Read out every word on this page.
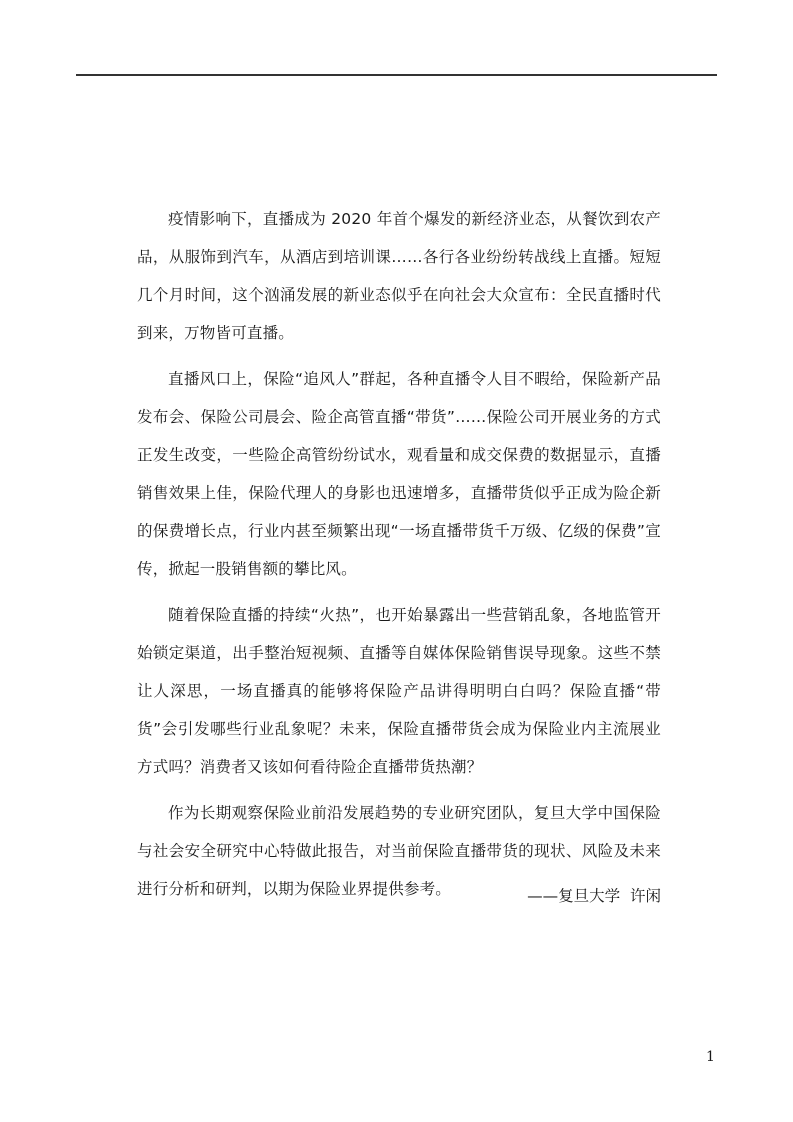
疫情影响下，直播成为 2020 年首个爆发的新经济业态，从餐饮到农产品，从服饰到汽车，从酒店到培训课……各行各业纷纷转战线上直播。短短几个月时间，这个汹涌发展的新业态似乎在向社会大众宣布：全民直播时代到来，万物皆可直播。

直播风口上，保险“追风人”群起，各种直播令人目不暇给，保险新产品发布会、保险公司晨会、险企高管直播“带货”……保险公司开展业务的方式正发生改变，一些险企高管纷纷试水，观看量和成交保费的数据显示，直播销售效果上佳，保险代理人的身影也迅速增多，直播带货似乎正成为险企新的保费增长点，行业内甚至频繁出现“一场直播带货千万级、亿级的保费”宣传，掀起一股销售额的攀比风。

随着保险直播的持续“火热”，也开始暴露出一些营销乱象，各地监管开始锁定渠道，出手整治短视频、直播等自媒体保险销售误导现象。这些不禁让人深思，一场直播真的能够将保险产品讲得明明白白吗？保险直播“带货”会引发哪些行业乱象呢？未来，保险直播带货会成为保险业内主流展业方式吗？消费者又该如何看待险企直播带货热潮？

作为长期观察保险业前沿发展趋势的专业研究团队，复旦大学中国保险与社会安全研究中心特做此报告，对当前保险直播带货的现状、风险及未来进行分析和研判，以期为保险业界提供参考。	——复旦大学  许闲
1
